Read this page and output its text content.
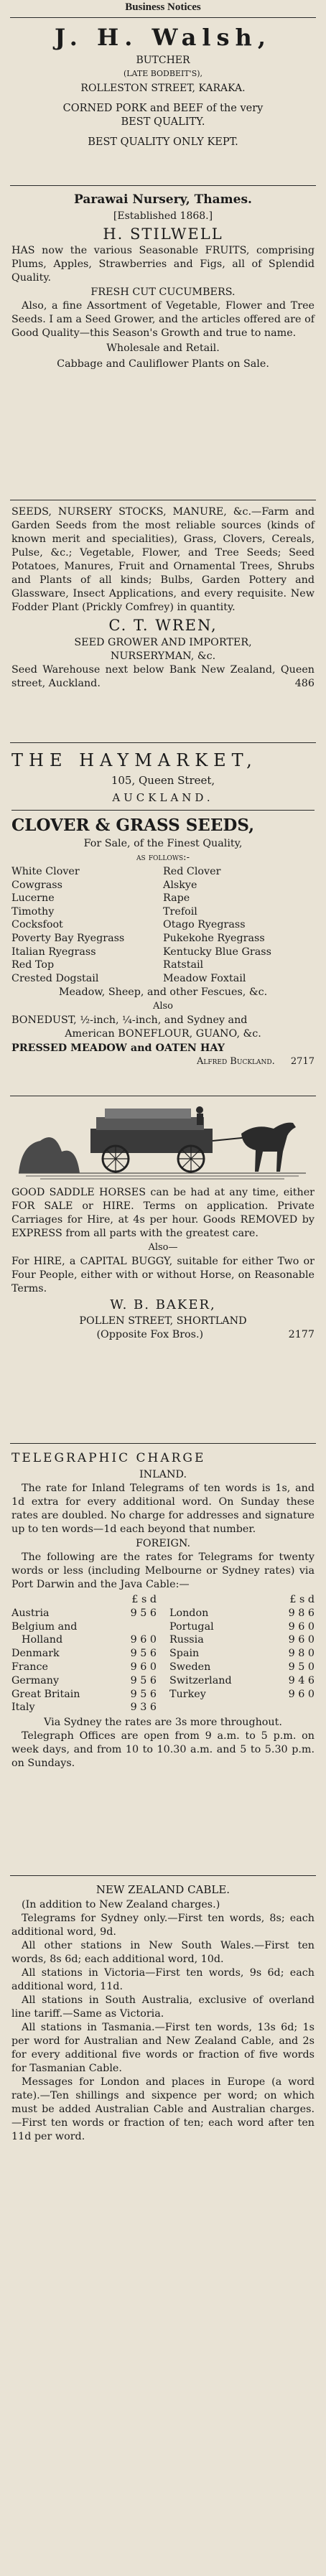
Business Notices
J. H. Walsh,
BUTCHER
(LATE BODBEIT'S),
ROLLESTON STREET, KARAKA.
CORNED PORK and BEEF of the very
BEST QUALITY.
BEST QUALITY ONLY KEPT.
Parawai Nursery, Thames.
[Established 1868.]
H. STILWELL

HAS now the various Seasonable FRUITS, comprising Plums, Apples, Strawberries and Figs, all of Splendid Quality.

FRESH CUT CUCUMBERS.

Also, a fine Assortment of Vegetable, Flower and Tree Seeds. I am a Seed Grower, and the articles offered are of Good Quality—this Season's Growth and true to name.

Wholesale and Retail.
Cabbage and Cauliflower Plants on Sale.

SEEDS, NURSERY STOCKS, MANURE, &c.—Farm and Garden Seeds from the most reliable sources (kinds of known merit and specialities), Grass, Clovers, Cereals, Pulse, &c.; Vegetable, Flower, and Tree Seeds; Seed Potatoes, Manures, Fruit and Ornamental Trees, Shrubs and Plants of all kinds; Bulbs, Garden Pottery and Glassware, Insect Applications, and every requisite. New Fodder Plant (Prickly Comfrey) in quantity.

C. T. WREN,
SEED GROWER AND IMPORTER,
NURSERYMAN, &c.

Seed Warehouse next below Bank New Zealand, Queen street, Auckland.	486

THE HAYMARKET,
105, Queen Street,
AUCKLAND.
CLOVER & GRASS SEEDS,
For Sale, of the Finest Quality,
as follows:-
White Clover	Red Clover
Cowgrass	Alskye
Lucerne	Rape
Timothy	Trefoil
Cocksfoot	Otago Ryegrass
Poverty Bay Ryegrass	Pukekohe Ryegrass
Italian Ryegrass	Kentucky Blue Grass
Red Top	Ratstail
Crested Dogstail	Meadow Foxtail
Meadow, Sheep, and other Fescues, &c.
Also
BONEDUST, ½-inch, ¼-inch, and Sydney and
American BONEFLOUR, GUANO, &c.
PRESSED MEADOW and OATEN HAY
Alfred Buckland. 2717

GOOD SADDLE HORSES can be had at any time, either FOR SALE or HIRE. Terms on application. Private Carriages for Hire, at 4s per hour. Goods REMOVED by EXPRESS from all parts with the greatest care.

Also—

For HIRE, a CAPITAL BUGGY, suitable for either Two or Four People, either with or without Horse, on Reasonable Terms.

W. B. BAKER,
POLLEN STREET, SHORTLAND
(Opposite Fox Bros.)	2177
TELEGRAPHIC CHARGE
INLAND.

The rate for Inland Telegrams of ten words is 1s, and 1d extra for every additional word. On Sunday these rates are doubled. No charge for addresses and signature up to ten words—1d each beyond that number.

FOREIGN.

The following are the rates for Telegrams for twenty words or less (including Melbourne or Sydney rates) via Port Darwin and the Java Cable:—

£ s d
Austria	9 5 6
Belgium and
Holland	9 6 0
Denmark	9 5 6
France	9 6 0
Germany	9 5 6
Great Britain	9 5 6
Italy	9 3 6
£ s d
London	9 8 6
Portugal	9 6 0
Russia	9 6 0
Spain	9 8 0
Sweden	9 5 0
Switzerland	9 4 6
Turkey	9 6 0
Via Sydney the rates are 3s more throughout.

Telegraph Offices are open from 9 a.m. to 5 p.m. on week days, and from 10 to 10.30 a.m. and 5 to 5.30 p.m. on Sundays.

NEW ZEALAND CABLE.

(In addition to New Zealand charges.)

Telegrams for Sydney only.—First ten words, 8s; each additional word, 9d.

All other stations in New South Wales.—First ten words, 8s 6d; each additional word, 10d.

All stations in Victoria—First ten words, 9s 6d; each additional word, 11d.

All stations in South Australia, exclusive of overland line tariff.—Same as Victoria.

All stations in Tasmania.—First ten words, 13s 6d; 1s per word for Australian and New Zealand Cable, and 2s for every additional five words or fraction of five words for Tasmanian Cable.

Messages for London and places in Europe (a word rate).—Ten shillings and sixpence per word; on which must be added Australian Cable and Australian charges.—First ten words or fraction of ten; each word after ten 11d per word.
